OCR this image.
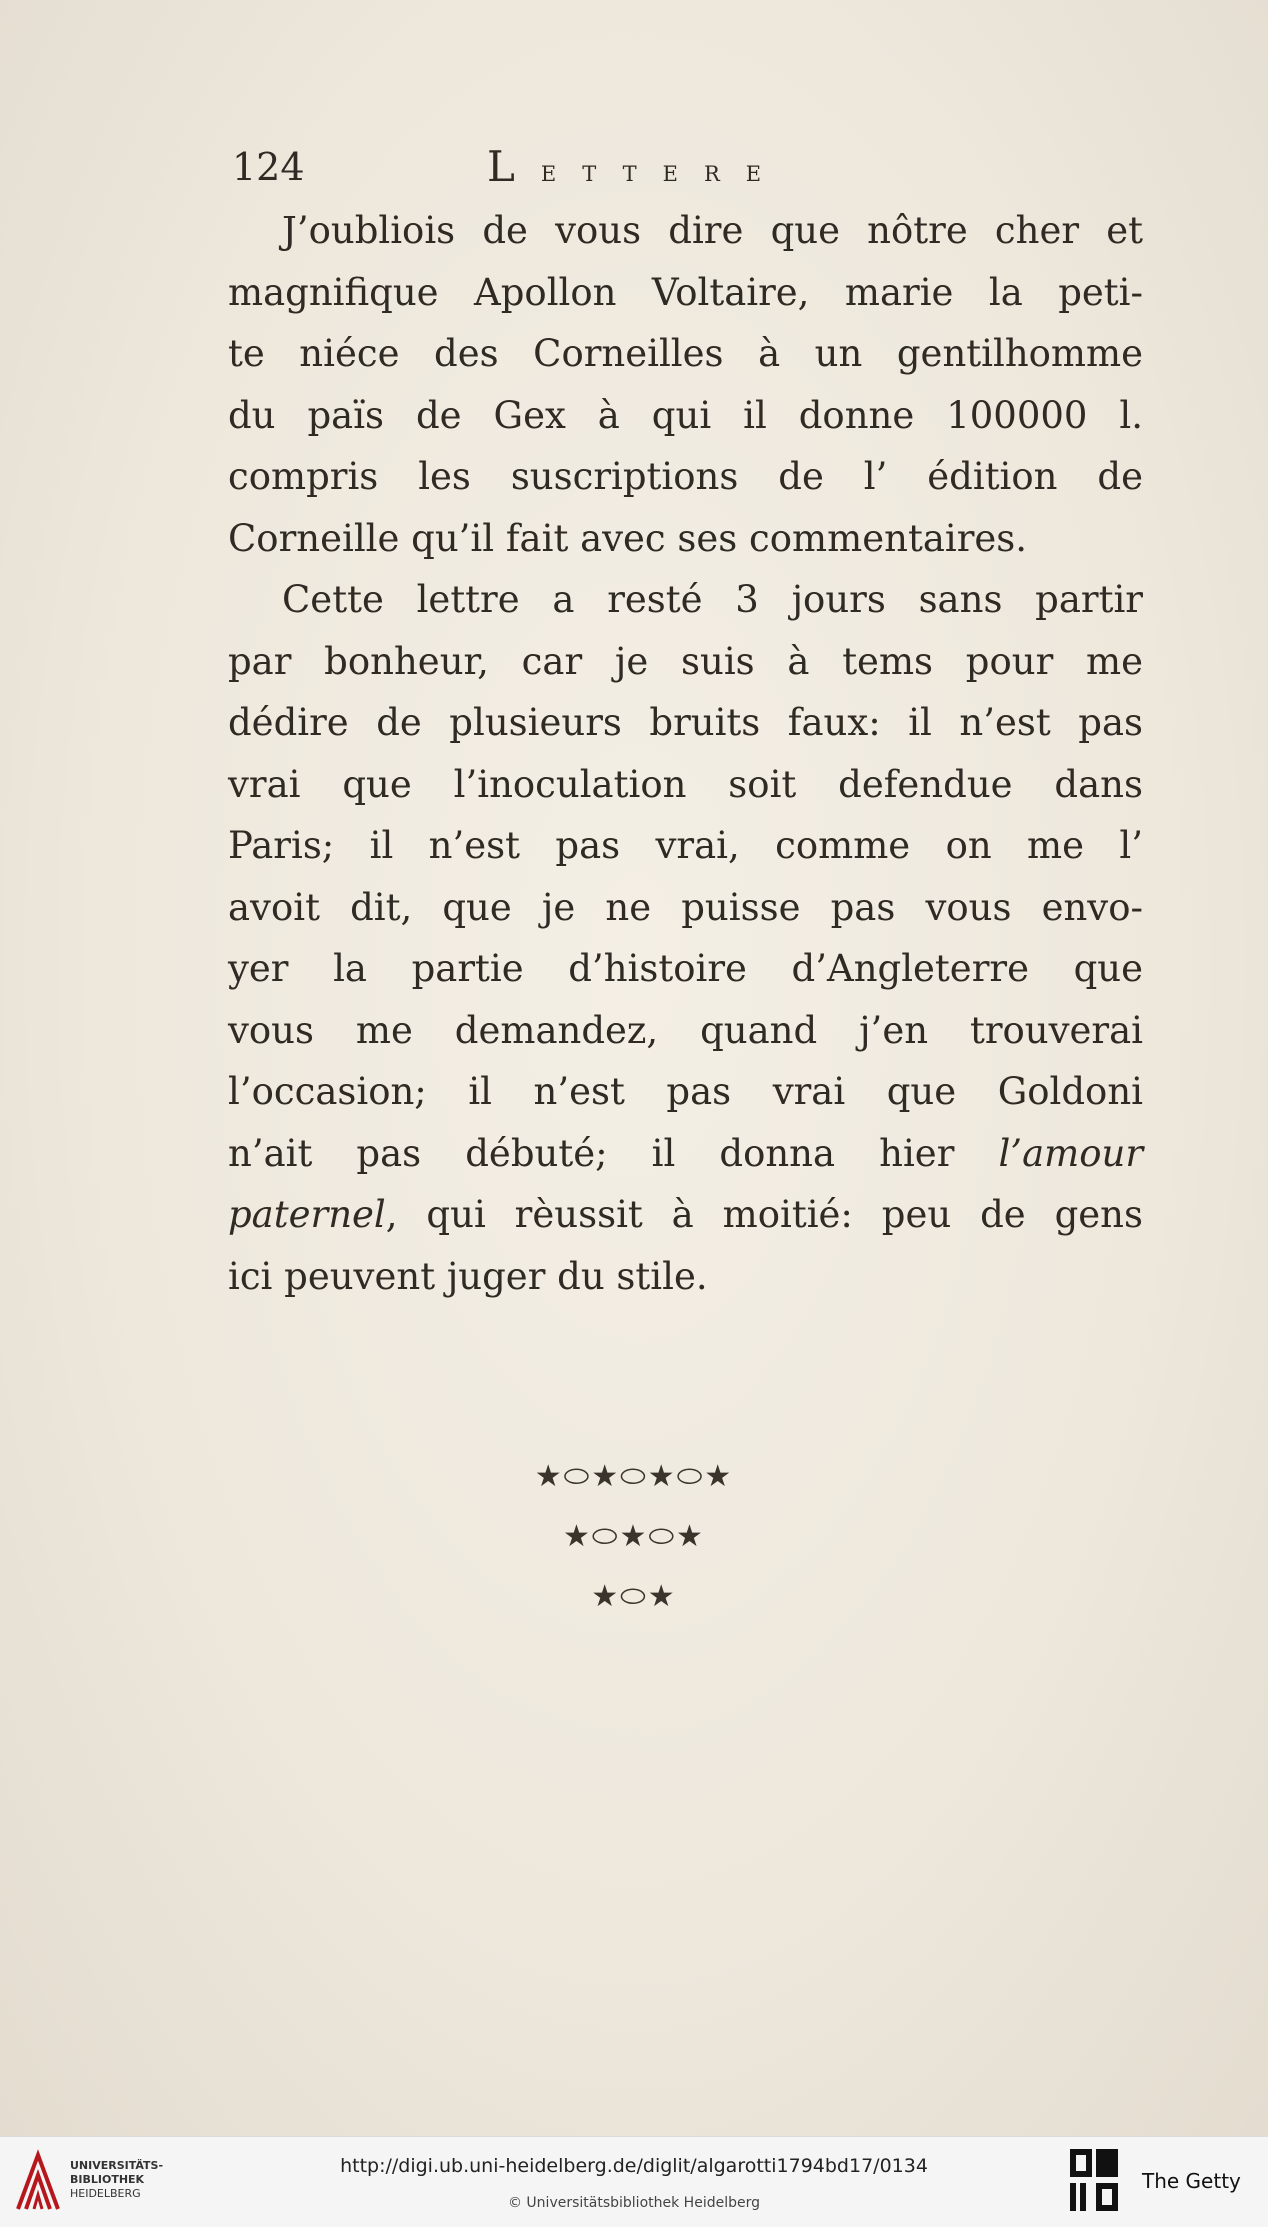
124	Lettere
J’oubliois de vous dire que nôtre cher et
magnifique Apollon Voltaire, marie la peti-
te niéce des Corneilles à un gentilhomme
du païs de Gex à qui il donne 100000 l.
compris les suscriptions de l’ édition de
Corneille qu’il fait avec ses commentaires.
Cette lettre a resté 3 jours sans partir
par bonheur, car je suis à tems pour me
dédire de plusieurs bruits faux: il n’est pas
vrai que l’inoculation soit defendue dans
Paris; il n’est pas vrai, comme on me l’
avoit dit, que je ne puisse pas vous envo-
yer la partie d’histoire d’Angleterre que
vous me demandez, quand j’en trouverai
l’occasion; il n’est pas vrai que Goldoni
n’ait pas débuté; il donna hier l’amour
paternel, qui rèussit à moitié: peu de gens
ici peuvent juger du stile.
★⬭★⬭★⬭★
★⬭★⬭★
★⬭★
UNIVERSITÄTS-
BIBLIOTHEK
HEIDELBERG
http://digi.ub.uni-heidelberg.de/diglit/algarotti1794bd17/0134
© Universitätsbibliothek Heidelberg
The Getty
